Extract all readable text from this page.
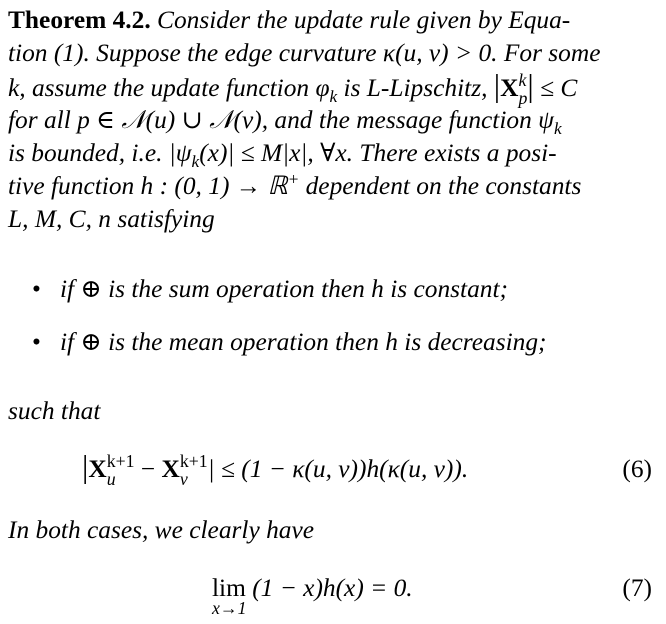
Theorem 4.2. Consider the update rule given by Equa-
tion (1). Suppose the edge curvature κ(u, v) > 0. For some
k, assume the update function $\varphi_k$ is L-Lipschitz, |X k
p | ≤ C
for all p ∈ 𝒩(u) ∪ 𝒩(v), and the message function $\psi_k$
is bounded, i.e. $|\psi_k(x)| \le M|x|$, ∀x. There exists a posi-
tive function h : (0, 1) → ℝ+ dependent on the constants
L, M, C, n satisfying
• if ⊕ is the sum operation then h is constant;
• if ⊕ is the mean operation then h is decreasing;
such that
|X k+1
u − X k+1
v | ≤ (1 − κ(u, v))h(κ(u, v)).	(6)
In both cases, we clearly have
lim
x→1
(1 − x)h(x) = 0.	(7)
